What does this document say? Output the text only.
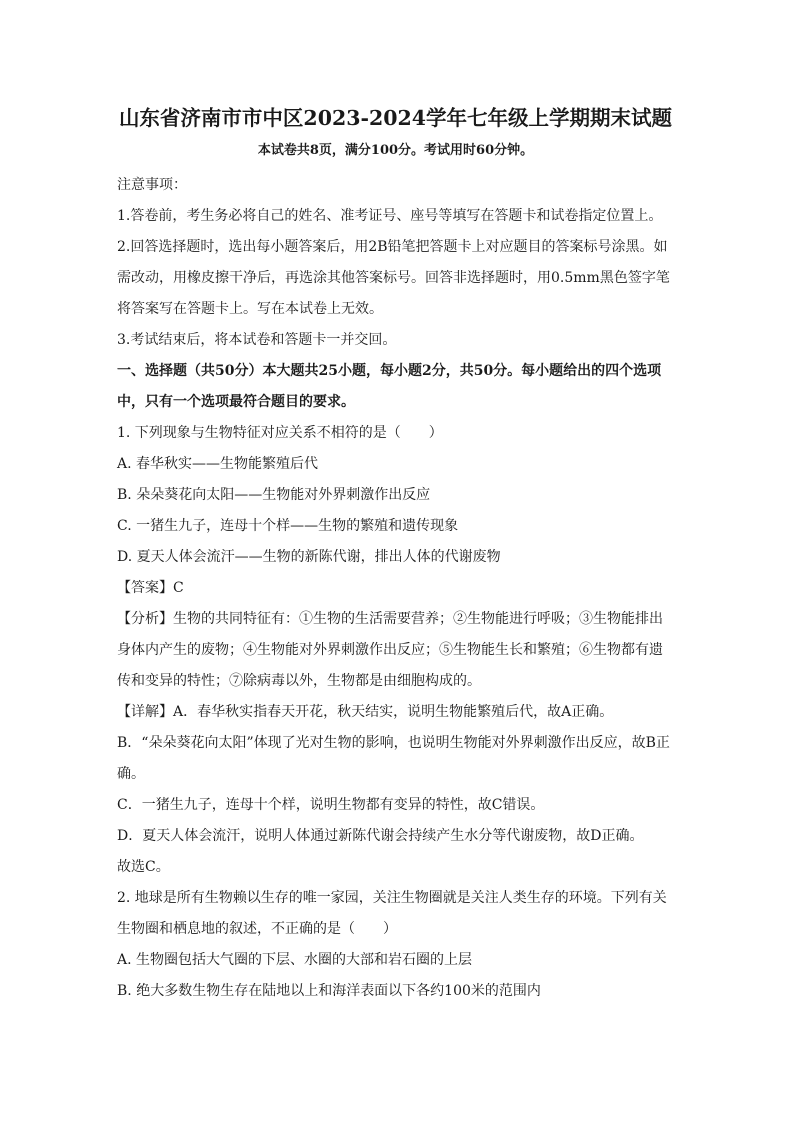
山东省济南市市中区2023-2024学年七年级上学期期末试题

本试卷共8页，满分100分。考试用时60分钟。

注意事项：

1.答卷前，考生务必将自己的姓名、准考证号、座号等填写在答题卡和试卷指定位置上。

2.回答选择题时，选出每小题答案后，用2B铅笔把答题卡上对应题目的答案标号涂黑。如需改动，用橡皮擦干净后，再选涂其他答案标号。回答非选择题时，用0.5mm黑色签字笔将答案写在答题卡上。写在本试卷上无效。

3.考试结束后，将本试卷和答题卡一并交回。

一、选择题（共50分）本大题共25小题，每小题2分，共50分。每小题给出的四个选项中，只有一个选项最符合题目的要求。

1. 下列现象与生物特征对应关系不相符的是（　　）

A. 春华秋实——生物能繁殖后代

B. 朵朵葵花向太阳——生物能对外界刺激作出反应

C. 一猪生九子，连母十个样——生物的繁殖和遗传现象

D. 夏天人体会流汗——生物的新陈代谢，排出人体的代谢废物

【答案】C

【分析】生物的共同特征有：①生物的生活需要营养；②生物能进行呼吸；③生物能排出身体内产生的废物；④生物能对外界刺激作出反应；⑤生物能生长和繁殖；⑥生物都有遗传和变异的特性；⑦除病毒以外，生物都是由细胞构成的。

【详解】A．春华秋实指春天开花，秋天结实，说明生物能繁殖后代，故A正确。

B．“朵朵葵花向太阳”体现了光对生物的影响，也说明生物能对外界刺激作出反应，故B正确。

C．一猪生九子，连母十个样，说明生物都有变异的特性，故C错误。

D．夏天人体会流汗，说明人体通过新陈代谢会持续产生水分等代谢废物，故D正确。

故选C。

2. 地球是所有生物赖以生存的唯一家园，关注生物圈就是关注人类生存的环境。下列有关生物圈和栖息地的叙述，不正确的是（　　）

A. 生物圈包括大气圈的下层、水圈的大部和岩石圈的上层

B. 绝大多数生物生存在陆地以上和海洋表面以下各约100米的范围内
